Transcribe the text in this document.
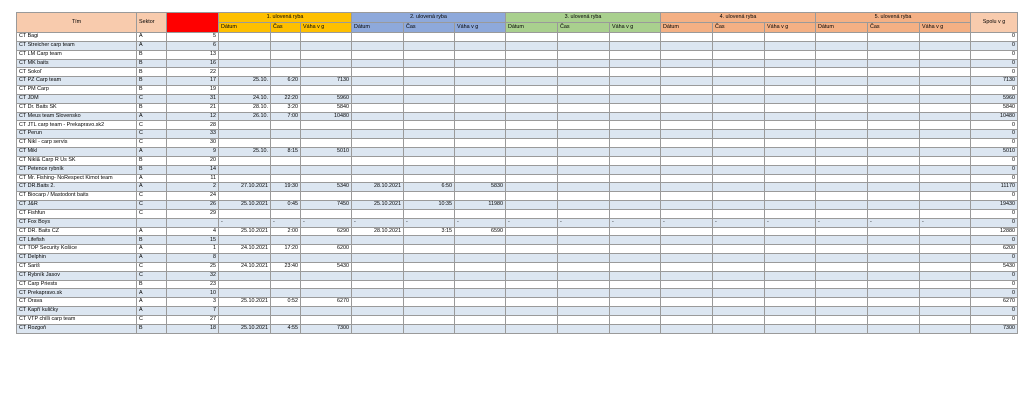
Tím	Sektor	Miesto	1. ulovená ryba			2. ulovená ryba			3. ulovená ryba			4. ulovená ryba			5. ulovená ryba			Spolu v g
			Dátum	Čas	Váha v g	Dátum	Čas	Váha v g	Dátum	Čas	Váha v g	Dátum	Čas	Váha v g	Dátum	Čas	Váha v g	
CT Bagi	A	5																0
CT Streicher carp team	A	6																0
CT LM Carp team	B	13																0
CT MK baits	B	16																0
CT Sokoľ	B	22																0
CT PZ Carp team	B	17	25.10.	6:20	7130													7130
CT PM Carp	B	19																0
CT JDM	C	31	24.10.	22:20	5960													5960
CT Dr. Baits SK	B	21	28.10.	3:20	5840													5840
CT Meus team Slovensko	A	12	26.10.	7:00	10480													10480
CT JTL carp team - Prekapravo.sk2	C	28																0
CT Perun	C	33																0
CT Nikl - carp servis	C	30																0
CT Mikl	A	9	25.10.	8:15	5010													5010
CT Nikl& Carp R Us SK	B	20																0
CT Petence rybník	B	14																0
CT Mr. Fishing- NoRespect Kimot team	A	11																0
CT DR.Baits 2.	A	2	27.10.2021	19:30	5340	28.10.2021	6:50	5830										11170
CT Biocarp / Mastodont baits	C	24																0
CT J&R	C	26	25.10.2021	0:45	7450	25.10.2021	10:35	11980										19430
CT Fishfun	C	29																0
CT Fox Boys			-	-	-	-	-	-	-	-	-	-	-	-	-	-	-	0
CT DR. Baits CZ	A	4	25.10.2021	2:00	6290	28.10.2021	3:15	6590										12880
CT Lifefish	B	15																0
CT TOP Security Košice	A	1	24.10.2021	17:20	6200													6200
CT Delphin	A	8																0
CT Šariš	C	25	24.10.2021	23:40	5430													5430
CT Rybník Jasov	C	32																0
CT Carp Priests	B	23																0
CT Prekapravo.sk	A	10																0
CT Orava	A	3	25.10.2021	0:52	6270													6270
CT Kapří kuličky	A	7																0
CT VTP chilli carp team	C	27																0
CT Rozgoň	B	18	25.10.2021	4:55	7300													7300
